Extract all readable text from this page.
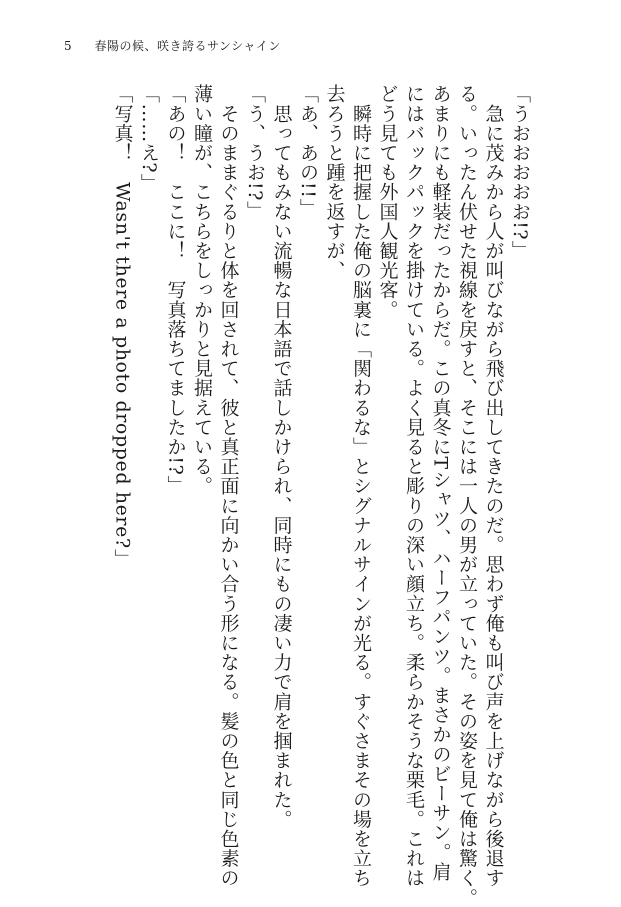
5 春陽の候、咲き誇るサンシャイン

「うおおおおお!?」

　急に茂みから人が叫びながら飛び出してきたのだ。思わず俺も叫び声を上げながら後退す

る。いったん伏せた視線を戻すと、そこには一人の男が立っていた。その姿を見て俺は驚く。

あまりにも軽装だったからだ。この真冬にTシャツ、ハーフパンツ。まさかのビーサン。肩

にはバックパックを掛けている。よく見ると彫りの深い顔立ち。柔らかそうな栗毛。これは

どう見ても外国人観光客。

　瞬時に把握した俺の脳裏に「関わるな」とシグナルサインが光る。すぐさまその場を立ち

去ろうと踵を返すが、

「あ、あの!!」

　思ってもみない流暢な日本語で話しかけられ、同時にもの凄い力で肩を掴まれた。

「う、うお!?」

　そのままぐるりと体を回されて、彼と真正面に向かい合う形になる。髪の色と同じ色素の

薄い瞳が、こちらをしっかりと見据えている。

「あの！　ここに！　写真落ちてましたか!?」

「……え?」

「写真！　Wasn't there a photo dropped here?」
